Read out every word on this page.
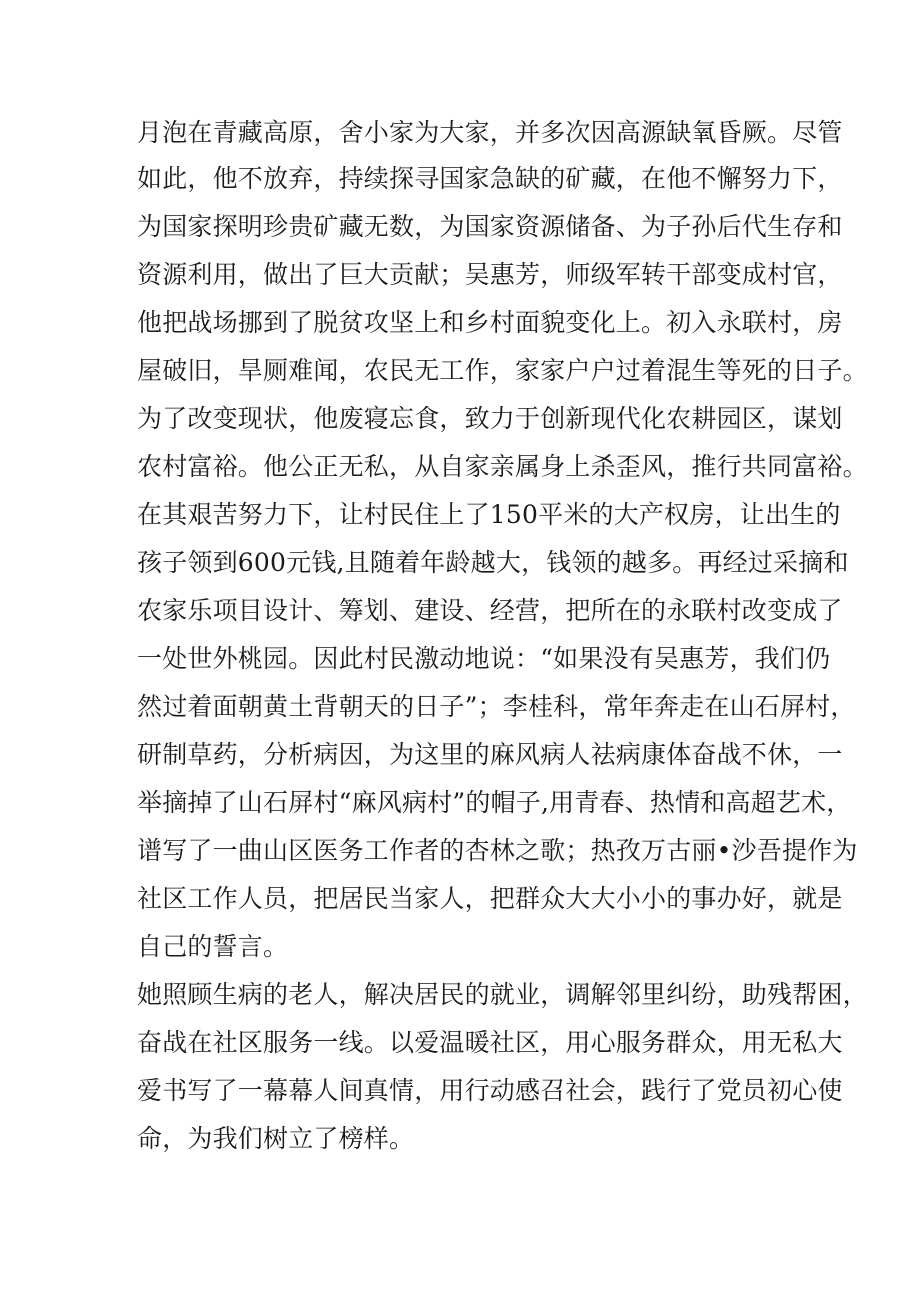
月泡在青藏高原，舍小家为大家，并多次因高源缺氧昏厥。尽管
如此，他不放弃，持续探寻国家急缺的矿藏，在他不懈努力下，
为国家探明珍贵矿藏无数，为国家资源储备、为子孙后代生存和
资源利用，做出了巨大贡献；吴惠芳，师级军转干部变成村官，
他把战场挪到了脱贫攻坚上和乡村面貌变化上。初入永联村，房
屋破旧，旱厕难闻，农民无工作，家家户户过着混生等死的日子。
为了改变现状，他废寝忘食，致力于创新现代化农耕园区，谋划
农村富裕。他公正无私，从自家亲属身上杀歪风，推行共同富裕。
在其艰苦努力下，让村民住上了150平米的大产权房，让出生的
孩子领到600元钱,且随着年龄越大，钱领的越多。再经过采摘和
农家乐项目设计、筹划、建设、经营，把所在的永联村改变成了
一处世外桃园。因此村民激动地说：“如果没有吴惠芳，我们仍
然过着面朝黄土背朝天的日子”；李桂科，常年奔走在山石屏村，
研制草药，分析病因，为这里的麻风病人祛病康体奋战不休，一
举摘掉了山石屏村“麻风病村”的帽子,用青春、热情和高超艺术，
谱写了一曲山区医务工作者的杏林之歌；热孜万古丽•沙吾提作为
社区工作人员，把居民当家人，把群众大大小小的事办好，就是
自己的誓言。
她照顾生病的老人，解决居民的就业，调解邻里纠纷，助残帮困，
奋战在社区服务一线。以爱温暖社区，用心服务群众，用无私大
爱书写了一幕幕人间真情，用行动感召社会，践行了党员初心使
命，为我们树立了榜样。
